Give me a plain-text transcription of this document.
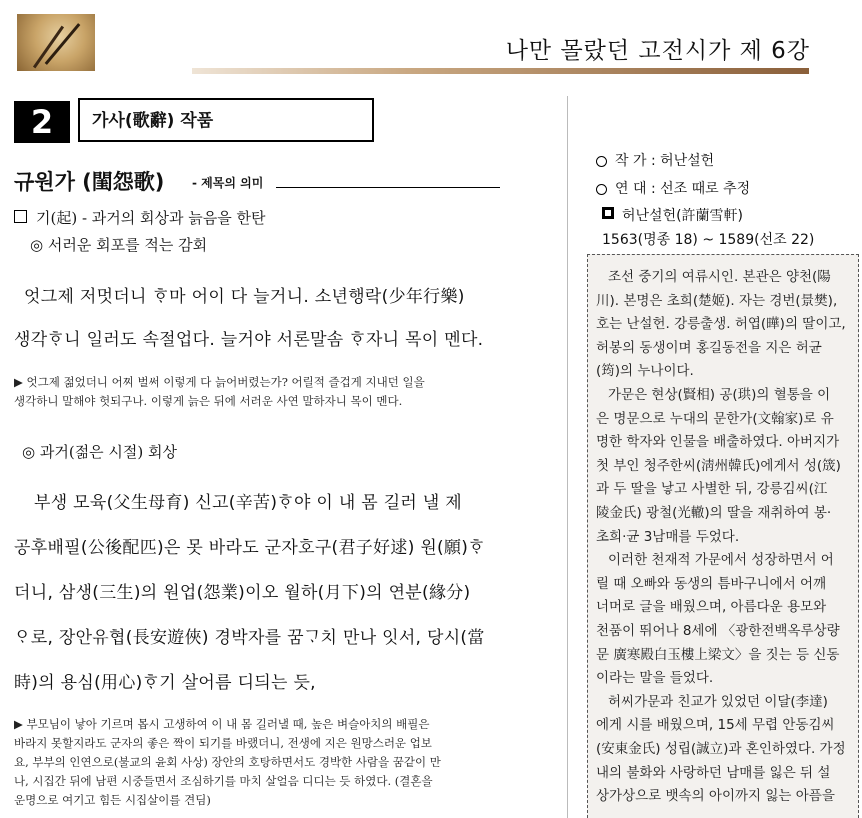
나만 몰랐던 고전시가 제 6강
2	가사(歌辭) 작품
규원가 (閨怨歌) - 제목의 의미
기(起) - 과거의 회상과 늙음을 한탄
◎ 서러운 회포를 적는 감회
엇그제 저멋더니 ᄒᆞ마 어이 다 늘거니. 소년행락(少年行樂)
생각ᄒᆞ니 일러도 속절업다. 늘거야 서론말솜 ᄒᆞ자니 목이 멘다.
▶ 엇그제 젊었더니 어찌 벌써 이렇게 다 늙어버렸는가? 어릴적 즐겁게 지내던 일을
생각하니 말해야 헛되구나. 이렇게 늙은 뒤에 서러운 사연 말하자니 목이 멘다.
◎ 과거(젊은 시절) 회상
부생 모육(父生母育) 신고(辛苦)ᄒᆞ야 이 내 몸 길러 낼 제
공후배필(公後配匹)은 못 바라도 군자호구(君子好逑) 원(願)ᄒᆞ
더니, 삼생(三生)의 원업(怨業)이오 월하(月下)의 연분(緣分)
ᄋᆞ로, 장안유협(長安遊俠) 경박자를 꿈ᄀᆞ치 만나 잇서, 당시(當
時)의 용심(用心)ᄒᆞ기 살어름 디듸는 듯,
▶ 부모님이 낳아 기르며 몹시 고생하여 이 내 몸 길러낼 때, 높은 벼슬아치의 배필은
바라지 못할지라도 군자의 좋은 짝이 되기를 바랬더니, 전생에 지은 원망스러운 업보
요, 부부의 인연으로(불교의 윤회 사상) 장안의 호탕하면서도 경박한 사람을 꿈같이 만
나, 시집간 뒤에 남편 시중들면서 조심하기를 마치 살얼음 디디는 듯 하였다. (결혼을
운명으로 여기고 힘든 시집살이를 견딤)
작 가 : 허난설헌
연 대 : 선조 때로 추정
허난설헌(許蘭雪軒)
1563(명종 18) ~ 1589(선조 22)
조선 중기의 여류시인. 본관은 양천(陽
川). 본명은 초희(楚姬). 자는 경번(景樊),
호는 난설헌. 강릉출생. 허엽(曄)의 딸이고,
허봉의 동생이며 홍길동전을 지은 허균
(筠)의 누나이다.
가문은 현상(賢相) 공(珙)의 혈통을 이
은 명문으로 누대의 문한가(文翰家)로 유
명한 학자와 인물을 배출하였다. 아버지가
첫 부인 청주한씨(淸州韓氏)에게서 성(筬)
과 두 딸을 낳고 사별한 뒤, 강릉김씨(江
陵金氏) 광철(光轍)의 딸을 재취하여 봉·
초희·균 3남매를 두었다.
이러한 천재적 가문에서 성장하면서 어
릴 때 오빠와 동생의 틈바구니에서 어깨
너머로 글을 배웠으며, 아름다운 용모와
천품이 뛰어나 8세에 〈광한전백옥루상량
문 廣寒殿白玉樓上梁文〉을 짓는 등 신동
이라는 말을 들었다.
허씨가문과 친교가 있었던 이달(李達)
에게 시를 배웠으며, 15세 무렵 안동김씨
(安東金氏) 성립(誠立)과 혼인하였다. 가정
내의 불화와 사랑하던 남매를 잃은 뒤 설
상가상으로 뱃속의 아이까지 잃는 아픔을
